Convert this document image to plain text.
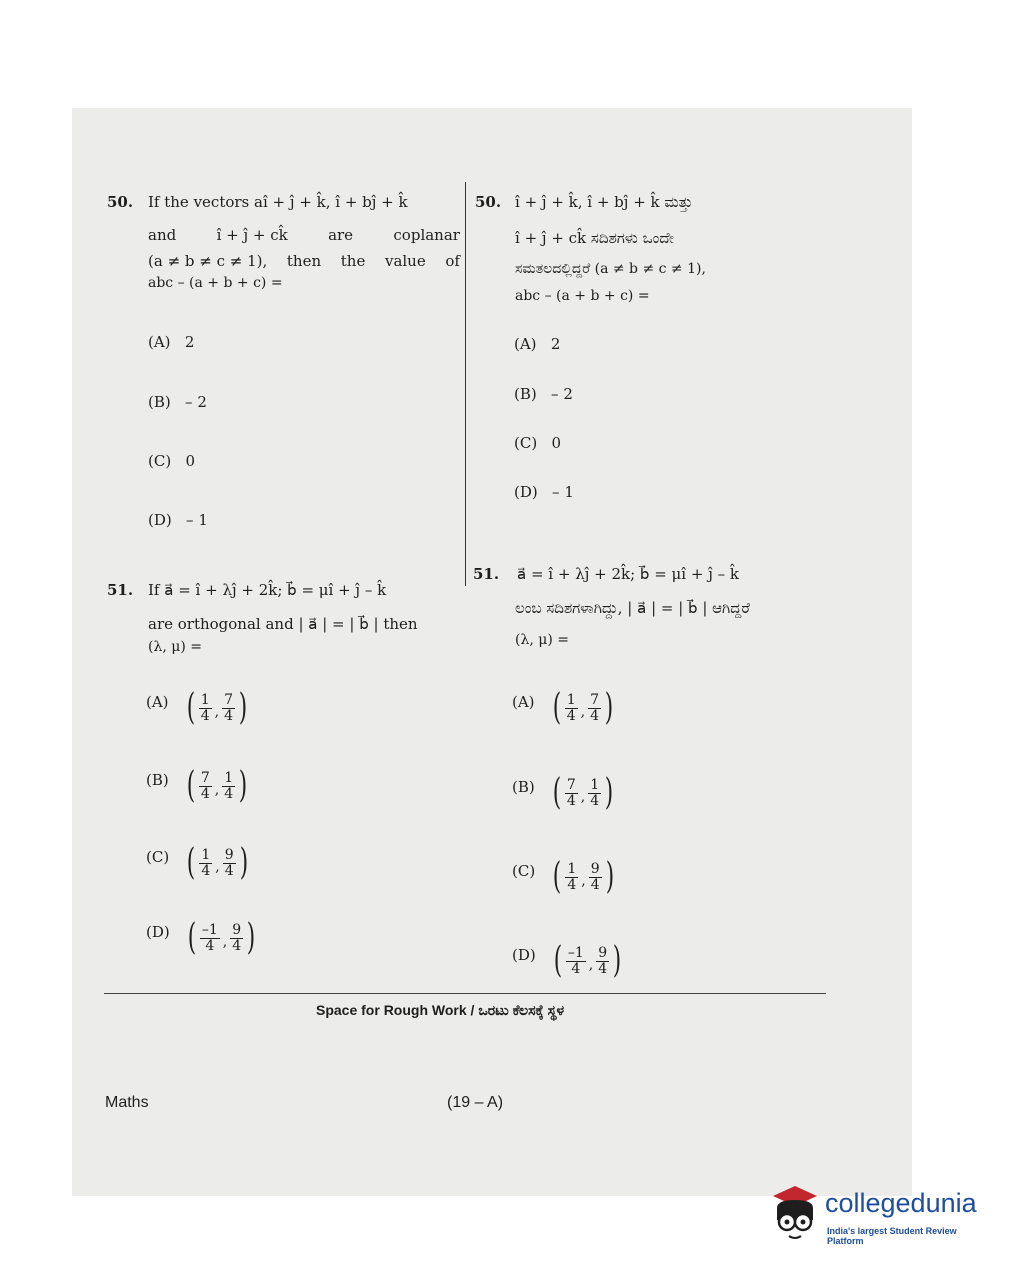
50. If the vectors aî + ĵ + k̂, î + bĵ + k̂
and	î + ĵ + ck̂	are	coplanar
(a ≠ b ≠ c ≠ 1), then the value of
abc – (a + b + c) =
(A) 2
(B) – 2
(C) 0
(D) – 1
50. î + ĵ + k̂, î + bĵ + k̂ ಮತ್ತು
î + ĵ + ck̂ ಸದಿಶಗಳು ಒಂದೇ
ಸಮತಲದಲ್ಲಿದ್ದರೆ (a ≠ b ≠ c ≠ 1),
abc – (a + b + c) =
(A) 2
(B) – 2
(C) 0
(D) – 1
51. If a⃗ = î + λĵ + 2k̂; b⃗ = μî + ĵ – k̂
are orthogonal and | a⃗ | = | b⃗ | then
(λ, μ) =
(A) ( $\frac{1}{4}$ , $\frac{7}{4}$ )
(B) ( $\frac{7}{4}$ , $\frac{1}{4}$ )
(C) ( $\frac{1}{4}$ , $\frac{9}{4}$ )
(D) ( $\frac{-1}{4}$ , $\frac{9}{4}$ )
51. a⃗ = î + λĵ + 2k̂; b⃗ = μî + ĵ – k̂
ಲಂಬ ಸದಿಶಗಳಾಗಿದ್ದು, | a⃗ | = | b⃗ | ಆಗಿದ್ದರೆ
(λ, μ) =
(A) ( $\frac{1}{4}$ , $\frac{7}{4}$ )
(B) ( $\frac{7}{4}$ , $\frac{1}{4}$ )
(C) ( $\frac{1}{4}$ , $\frac{9}{4}$ )
(D) ( $\frac{-1}{4}$ , $\frac{9}{4}$ )
Space for Rough Work / ಒರಟು ಕೆಲಸಕ್ಕೆ ಸ್ಥಳ
Maths	(19 – A)
collegedunia
India's largest Student Review Platform
